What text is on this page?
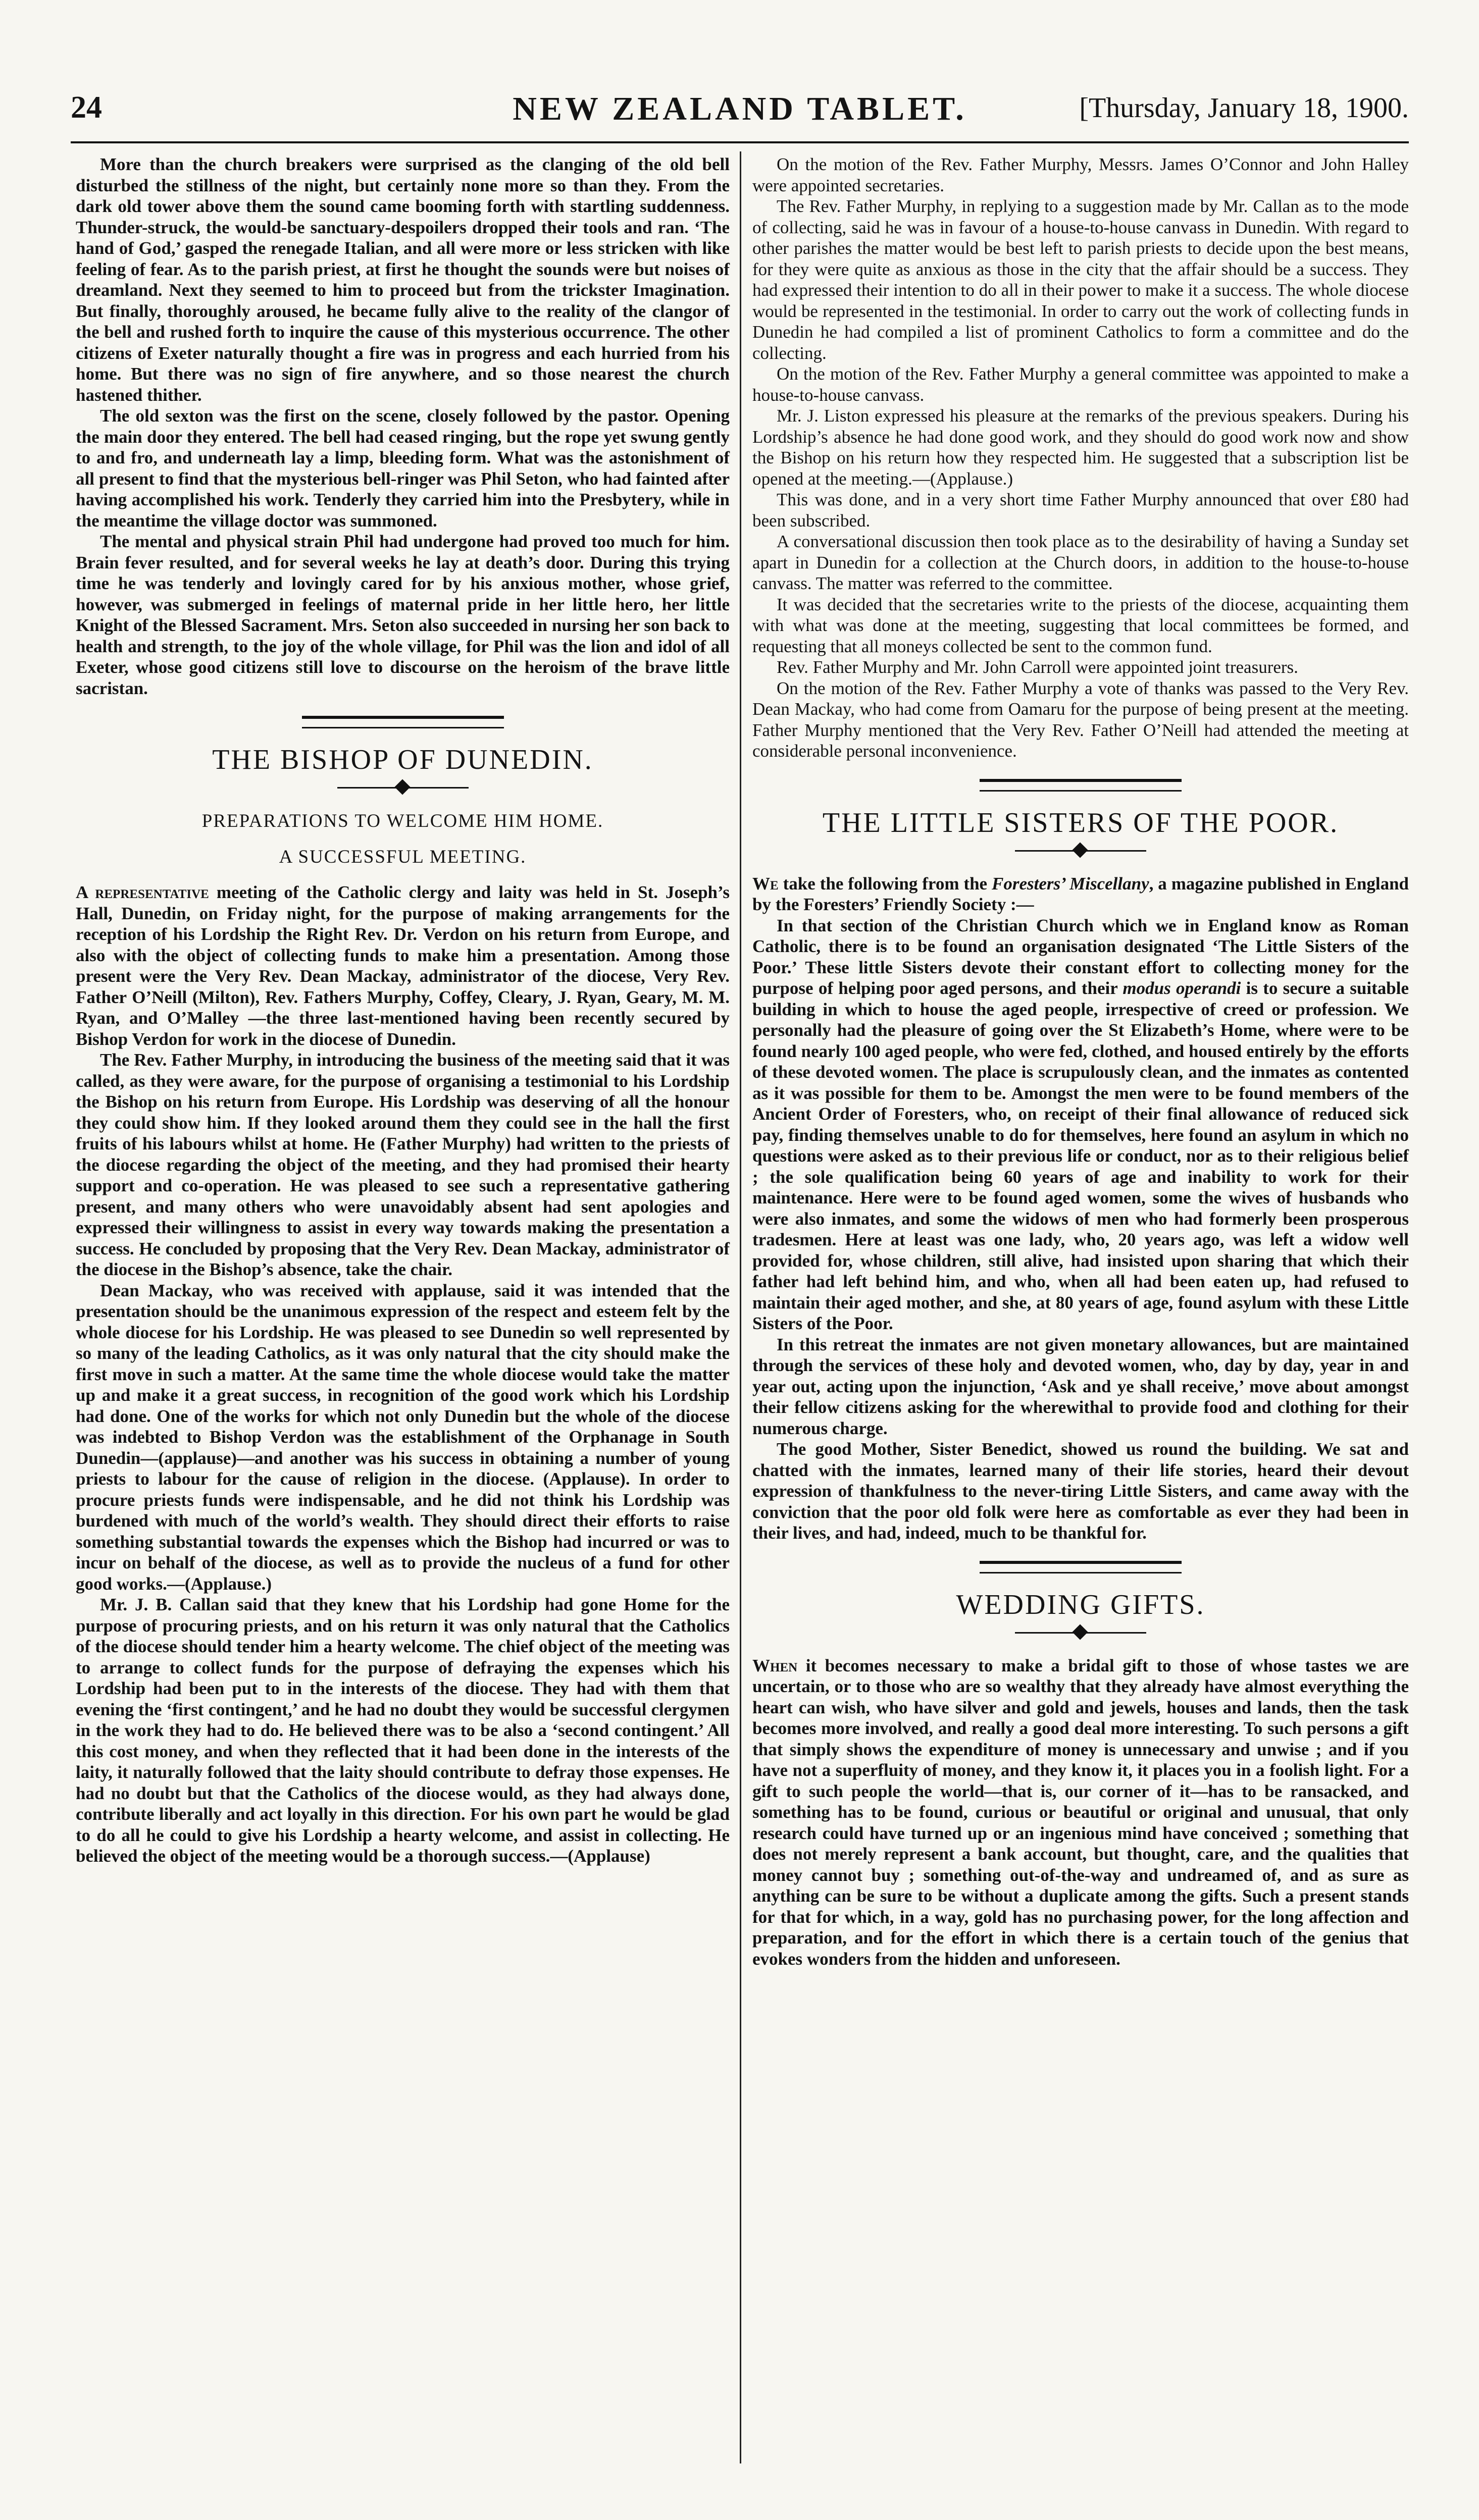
24	NEW ZEALAND TABLET.	[Thursday, January 18, 1900.

More than the church breakers were surprised as the clanging of the old bell disturbed the stillness of the night, but certainly none more so than they. From the dark old tower above them the sound came booming forth with startling suddenness. Thunder-struck, the would-be sanctuary-despoilers dropped their tools and ran. ‘The hand of God,’ gasped the renegade Italian, and all were more or less stricken with like feeling of fear. As to the parish priest, at first he thought the sounds were but noises of dreamland. Next they seemed to him to proceed but from the trickster Imagination. But finally, thoroughly aroused, he became fully alive to the reality of the clangor of the bell and rushed forth to inquire the cause of this mysterious occurrence. The other citizens of Exeter naturally thought a fire was in progress and each hurried from his home. But there was no sign of fire anywhere, and so those nearest the church hastened thither.

The old sexton was the first on the scene, closely followed by the pastor. Opening the main door they entered. The bell had ceased ringing, but the rope yet swung gently to and fro, and underneath lay a limp, bleeding form. What was the astonishment of all present to find that the mysterious bell-ringer was Phil Seton, who had fainted after having accomplished his work. Tenderly they carried him into the Presbytery, while in the meantime the village doctor was summoned.

The mental and physical strain Phil had undergone had proved too much for him. Brain fever resulted, and for several weeks he lay at death’s door. During this trying time he was tenderly and lovingly cared for by his anxious mother, whose grief, however, was submerged in feelings of maternal pride in her little hero, her little Knight of the Blessed Sacrament. Mrs. Seton also succeeded in nursing her son back to health and strength, to the joy of the whole village, for Phil was the lion and idol of all Exeter, whose good citizens still love to discourse on the heroism of the brave little sacristan.

THE BISHOP OF DUNEDIN.
PREPARATIONS TO WELCOME HIM HOME.
A SUCCESSFUL MEETING.

A representative meeting of the Catholic clergy and laity was held in St. Joseph’s Hall, Dunedin, on Friday night, for the purpose of making arrangements for the reception of his Lordship the Right Rev. Dr. Verdon on his return from Europe, and also with the object of collecting funds to make him a presentation. Among those present were the Very Rev. Dean Mackay, administrator of the diocese, Very Rev. Father O’Neill (Milton), Rev. Fathers Murphy, Coffey, Cleary, J. Ryan, Geary, M. M. Ryan, and O’Malley —the three last-mentioned having been recently secured by Bishop Verdon for work in the diocese of Dunedin.

The Rev. Father Murphy, in introducing the business of the meeting said that it was called, as they were aware, for the purpose of organising a testimonial to his Lordship the Bishop on his return from Europe. His Lordship was deserving of all the honour they could show him. If they looked around them they could see in the hall the first fruits of his labours whilst at home. He (Father Murphy) had written to the priests of the diocese regarding the object of the meeting, and they had promised their hearty support and co-operation. He was pleased to see such a representative gathering present, and many others who were unavoidably absent had sent apologies and expressed their willingness to assist in every way towards making the presentation a success. He concluded by proposing that the Very Rev. Dean Mackay, administrator of the diocese in the Bishop’s absence, take the chair.

Dean Mackay, who was received with applause, said it was intended that the presentation should be the unanimous expression of the respect and esteem felt by the whole diocese for his Lordship. He was pleased to see Dunedin so well represented by so many of the leading Catholics, as it was only natural that the city should make the first move in such a matter. At the same time the whole diocese would take the matter up and make it a great success, in recognition of the good work which his Lordship had done. One of the works for which not only Dunedin but the whole of the diocese was indebted to Bishop Verdon was the establishment of the Orphanage in South Dunedin—(applause)—and another was his success in obtaining a number of young priests to labour for the cause of religion in the diocese. (Applause). In order to procure priests funds were indispensable, and he did not think his Lordship was burdened with much of the world’s wealth. They should direct their efforts to raise something substantial towards the expenses which the Bishop had incurred or was to incur on behalf of the diocese, as well as to provide the nucleus of a fund for other good works.—(Applause.)

Mr. J. B. Callan said that they knew that his Lordship had gone Home for the purpose of procuring priests, and on his return it was only natural that the Catholics of the diocese should tender him a hearty welcome. The chief object of the meeting was to arrange to collect funds for the purpose of defraying the expenses which his Lordship had been put to in the interests of the diocese. They had with them that evening the ‘first contingent,’ and he had no doubt they would be successful clergymen in the work they had to do. He believed there was to be also a ‘second contingent.’ All this cost money, and when they reflected that it had been done in the interests of the laity, it naturally followed that the laity should contribute to defray those expenses. He had no doubt but that the Catholics of the diocese would, as they had always done, contribute liberally and act loyally in this direction. For his own part he would be glad to do all he could to give his Lordship a hearty welcome, and assist in collecting. He believed the object of the meeting would be a thorough success.—(Applause)

On the motion of the Rev. Father Murphy, Messrs. James O’Connor and John Halley were appointed secretaries.

The Rev. Father Murphy, in replying to a suggestion made by Mr. Callan as to the mode of collecting, said he was in favour of a house-to-house canvass in Dunedin. With regard to other parishes the matter would be best left to parish priests to decide upon the best means, for they were quite as anxious as those in the city that the affair should be a success. They had expressed their intention to do all in their power to make it a success. The whole diocese would be represented in the testimonial. In order to carry out the work of collecting funds in Dunedin he had compiled a list of prominent Catholics to form a committee and do the collecting.

On the motion of the Rev. Father Murphy a general committee was appointed to make a house-to-house canvass.

Mr. J. Liston expressed his pleasure at the remarks of the previous speakers. During his Lordship’s absence he had done good work, and they should do good work now and show the Bishop on his return how they respected him. He suggested that a subscription list be opened at the meeting.—(Applause.)

This was done, and in a very short time Father Murphy announced that over £80 had been subscribed.

A conversational discussion then took place as to the desirability of having a Sunday set apart in Dunedin for a collection at the Church doors, in addition to the house-to-house canvass. The matter was referred to the committee.

It was decided that the secretaries write to the priests of the diocese, acquainting them with what was done at the meeting, suggesting that local committees be formed, and requesting that all moneys collected be sent to the common fund.

Rev. Father Murphy and Mr. John Carroll were appointed joint treasurers.

On the motion of the Rev. Father Murphy a vote of thanks was passed to the Very Rev. Dean Mackay, who had come from Oamaru for the purpose of being present at the meeting. Father Murphy mentioned that the Very Rev. Father O’Neill had attended the meeting at considerable personal inconvenience.

THE LITTLE SISTERS OF THE POOR.

We take the following from the Foresters’ Miscellany, a magazine published in England by the Foresters’ Friendly Society :—

In that section of the Christian Church which we in England know as Roman Catholic, there is to be found an organisation designated ‘The Little Sisters of the Poor.’ These little Sisters devote their constant effort to collecting money for the purpose of helping poor aged persons, and their modus operandi is to secure a suitable building in which to house the aged people, irrespective of creed or profession. We personally had the pleasure of going over the St Elizabeth’s Home, where were to be found nearly 100 aged people, who were fed, clothed, and housed entirely by the efforts of these devoted women. The place is scrupulously clean, and the inmates as contented as it was possible for them to be. Amongst the men were to be found members of the Ancient Order of Foresters, who, on receipt of their final allowance of reduced sick pay, finding themselves unable to do for themselves, here found an asylum in which no questions were asked as to their previous life or conduct, nor as to their religious belief ; the sole qualification being 60 years of age and inability to work for their maintenance. Here were to be found aged women, some the wives of husbands who were also inmates, and some the widows of men who had formerly been prosperous tradesmen. Here at least was one lady, who, 20 years ago, was left a widow well provided for, whose children, still alive, had insisted upon sharing that which their father had left behind him, and who, when all had been eaten up, had refused to maintain their aged mother, and she, at 80 years of age, found asylum with these Little Sisters of the Poor.

In this retreat the inmates are not given monetary allowances, but are maintained through the services of these holy and devoted women, who, day by day, year in and year out, acting upon the injunction, ‘Ask and ye shall receive,’ move about amongst their fellow citizens asking for the wherewithal to provide food and clothing for their numerous charge.

The good Mother, Sister Benedict, showed us round the building. We sat and chatted with the inmates, learned many of their life stories, heard their devout expression of thankfulness to the never-tiring Little Sisters, and came away with the conviction that the poor old folk were here as comfortable as ever they had been in their lives, and had, indeed, much to be thankful for.

WEDDING GIFTS.

When it becomes necessary to make a bridal gift to those of whose tastes we are uncertain, or to those who are so wealthy that they already have almost everything the heart can wish, who have silver and gold and jewels, houses and lands, then the task becomes more involved, and really a good deal more interesting. To such persons a gift that simply shows the expenditure of money is unnecessary and unwise ; and if you have not a superfluity of money, and they know it, it places you in a foolish light. For a gift to such people the world—that is, our corner of it—has to be ransacked, and something has to be found, curious or beautiful or original and unusual, that only research could have turned up or an ingenious mind have conceived ; something that does not merely represent a bank account, but thought, care, and the qualities that money cannot buy ; something out-of-the-way and undreamed of, and as sure as anything can be sure to be without a duplicate among the gifts. Such a present stands for that for which, in a way, gold has no purchasing power, for the long affection and preparation, and for the effort in which there is a certain touch of the genius that evokes wonders from the hidden and unforeseen.
